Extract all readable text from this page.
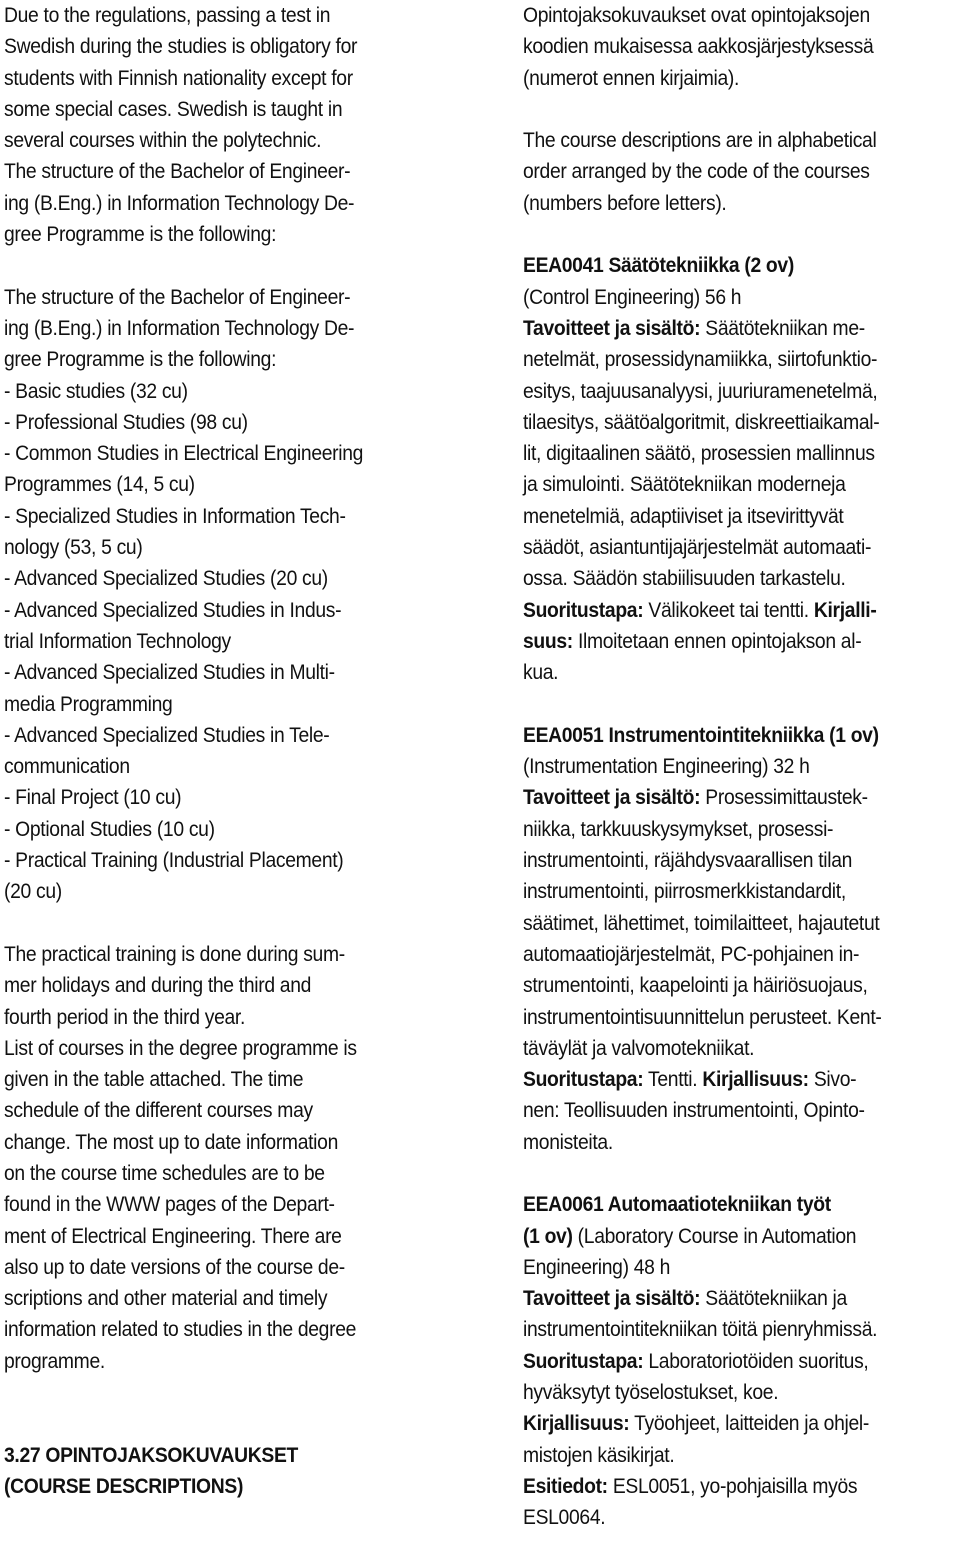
Due to the regulations, passing a test in
Swedish during the studies is obligatory for
students with Finnish nationality except for
some special cases. Swedish is taught in
several courses within the polytechnic.
The structure of the Bachelor of Engineer-
ing (B.Eng.) in Information Technology De-
gree Programme is the following:
The structure of the Bachelor of Engineer-
ing (B.Eng.) in Information Technology De-
gree Programme is the following:
- Basic studies (32 cu)
- Professional Studies (98 cu)
- Common Studies in Electrical Engineering
Programmes (14, 5 cu)
- Specialized Studies in Information Tech-
nology (53, 5 cu)
- Advanced Specialized Studies (20 cu)
- Advanced Specialized Studies in Indus-
trial Information Technology
- Advanced Specialized Studies in Multi-
media Programming
- Advanced Specialized Studies in Tele-
communication
- Final Project (10 cu)
- Optional Studies (10 cu)
- Practical Training (Industrial Placement)
(20 cu)
The practical training is done during sum-
mer holidays and during the third and
fourth period in the third year.
List of courses in the degree programme is
given in the table attached. The time
schedule of the different courses may
change. The most up to date information
on the course time schedules are to be
found in the WWW pages of the Depart-
ment of Electrical Engineering. There are
also up to date versions of the course de-
scriptions and other material and timely
information related to studies in the degree
programme.
3.27 OPINTOJAKSOKUVAUKSET
(COURSE DESCRIPTIONS)
Opintojaksokuvaukset ovat opintojaksojen
koodien mukaisessa aakkosjärjestyksessä
(numerot ennen kirjaimia).
The course descriptions are in alphabetical
order arranged by the code of the courses
(numbers before letters).
EEA0041 Säätötekniikka (2 ov)
(Control Engineering) 56 h
Tavoitteet ja sisältö: Säätötekniikan me-
netelmät, prosessidynamiikka, siirtofunktio-
esitys, taajuusanalyysi, juuriuramenetelmä,
tilaesitys, säätöalgoritmit, diskreettiaikamal-
lit, digitaalinen säätö, prosessien mallinnus
ja simulointi. Säätötekniikan moderneja
menetelmiä, adaptiiviset ja itsevirittyvät
säädöt, asiantuntijajärjestelmät automaati-
ossa. Säädön stabiilisuuden tarkastelu.
Suoritustapa: Välikokeet tai tentti. Kirjalli-
suus: Ilmoitetaan ennen opintojakson al-
kua.
EEA0051 Instrumentointitekniikka (1 ov)
(Instrumentation Engineering) 32 h
Tavoitteet ja sisältö: Prosessimittaustek-
niikka, tarkkuuskysymykset, prosessi-
instrumentointi, räjähdysvaarallisen tilan
instrumentointi, piirrosmerkkistandardit,
säätimet, lähettimet, toimilaitteet, hajautetut
automaatiojärjestelmät, PC-pohjainen in-
strumentointi, kaapelointi ja häiriösuojaus,
instrumentointisuunnittelun perusteet. Kent-
täväylät ja valvomotekniikat.
Suoritustapa: Tentti. Kirjallisuus: Sivo-
nen: Teollisuuden instrumentointi, Opinto-
monisteita.
EEA0061 Automaatiotekniikan työt
(1 ov) (Laboratory Course in Automation
Engineering) 48 h
Tavoitteet ja sisältö: Säätötekniikan ja
instrumentointitekniikan töitä pienryhmissä.
Suoritustapa: Laboratoriotöiden suoritus,
hyväksytyt työselostukset, koe.
Kirjallisuus: Työohjeet, laitteiden ja ohjel-
mistojen käsikirjat.
Esitiedot: ESL0051, yo-pohjaisilla myös
ESL0064.
